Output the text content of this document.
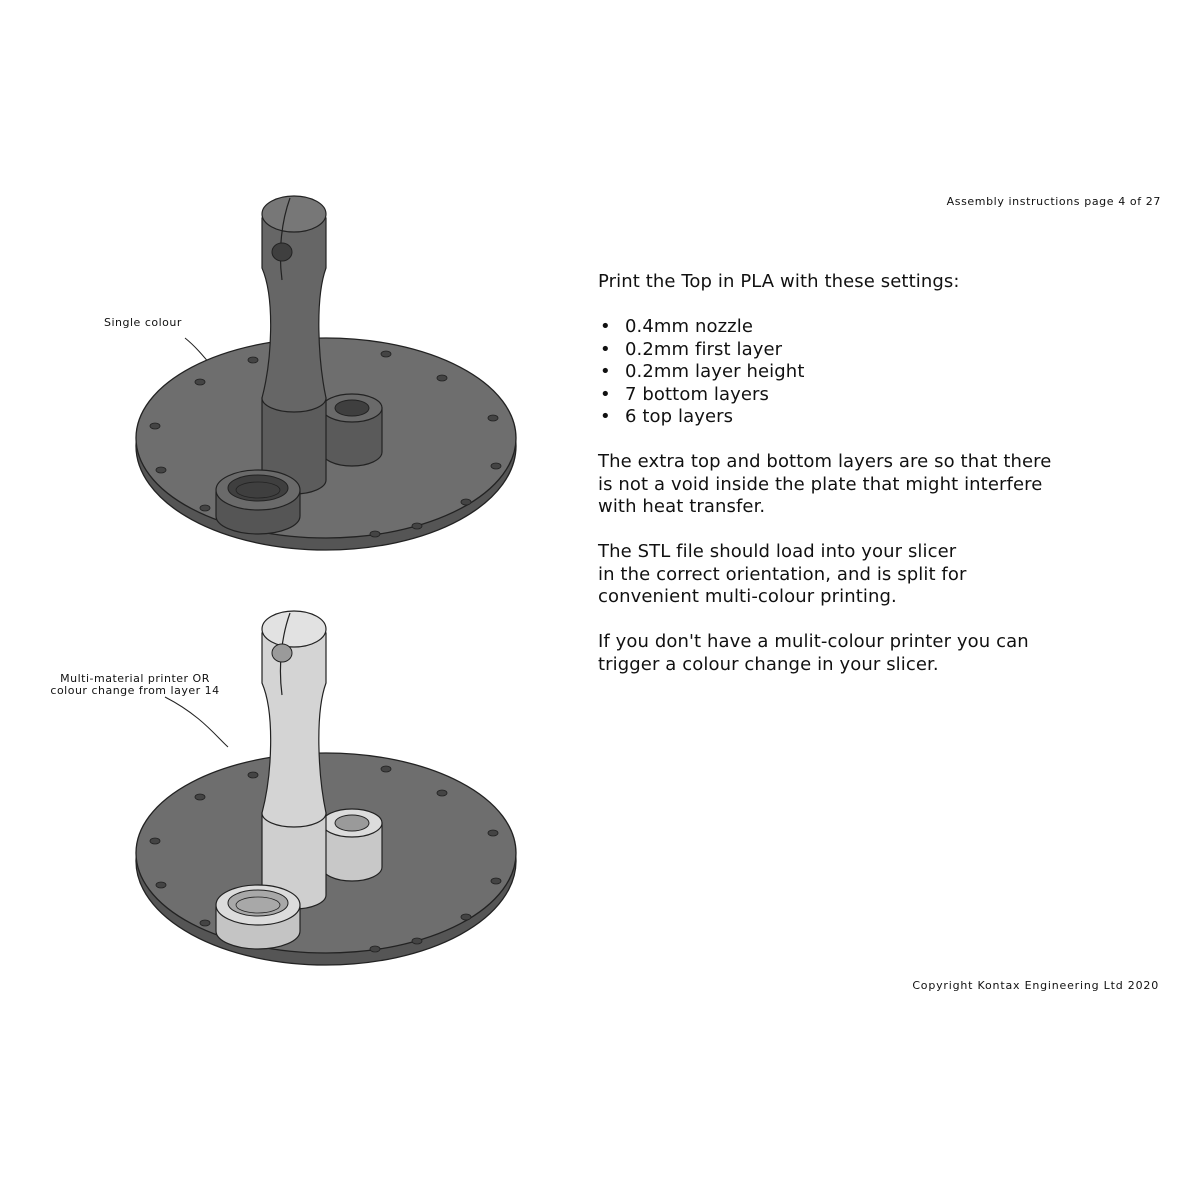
Assembly instructions page 4 of 27
Single colour
Multi-material printer OR
colour change from layer 14

Print the Top in PLA with these settings:

• 0.4mm nozzle
• 0.2mm first layer
• 0.2mm layer height
• 7 bottom layers
• 6 top layers

The extra top and bottom layers are so that there
is not a void inside the plate that might interfere
with heat transfer.

The STL file should load into your slicer
in the correct orientation, and is split for
convenient multi-colour printing.

If you don't have a mulit-colour printer you can
trigger a colour change in your slicer.

Copyright Kontax Engineering Ltd 2020
